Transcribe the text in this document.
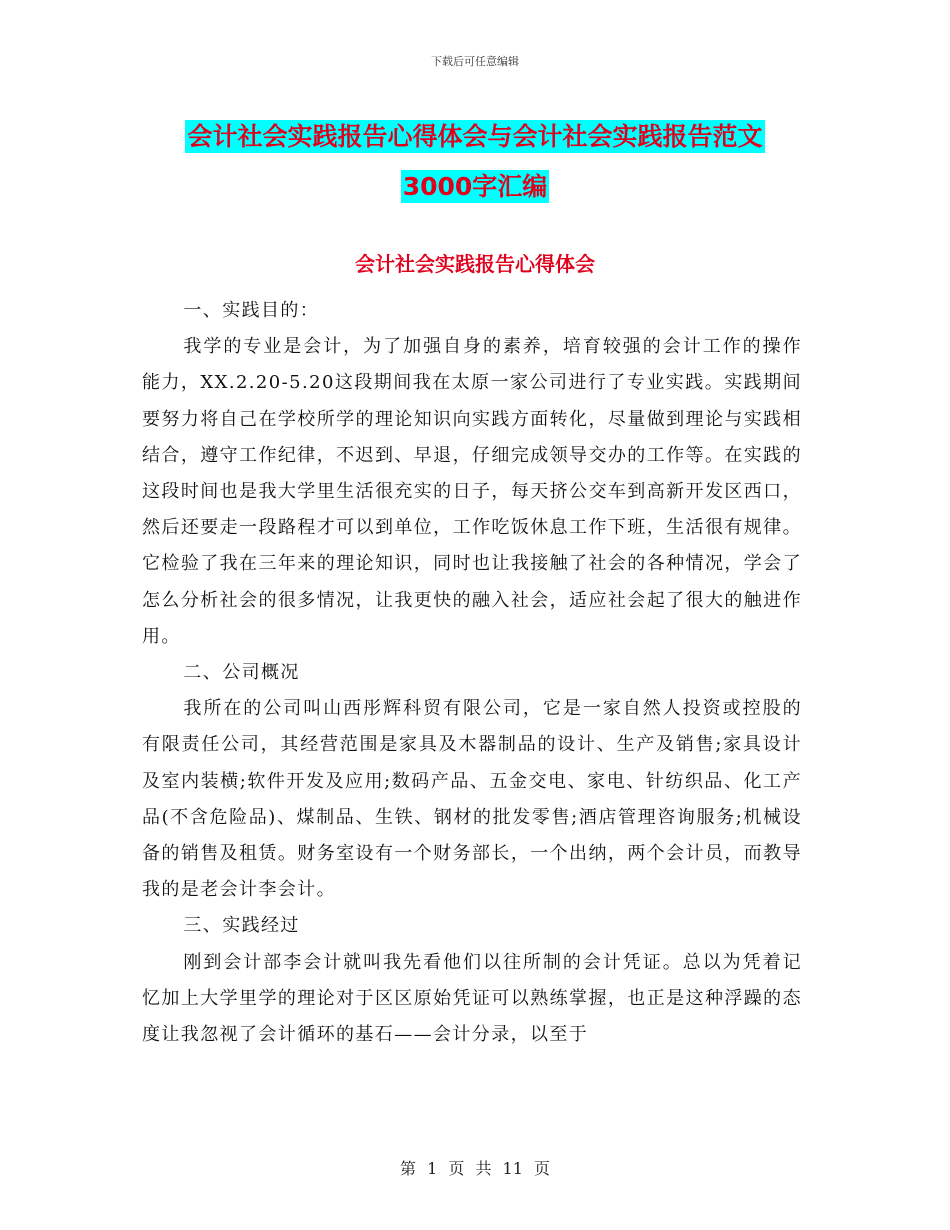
下载后可任意编辑
会计社会实践报告心得体会与会计社会实践报告范文
3000字汇编
会计社会实践报告心得体会

一、实践目的：

我学的专业是会计，为了加强自身的素养，培育较强的会计工作的操作能力，XX.2.20-5.20这段期间我在太原一家公司进行了专业实践。实践期间要努力将自己在学校所学的理论知识向实践方面转化，尽量做到理论与实践相结合，遵守工作纪律，不迟到、早退，仔细完成领导交办的工作等。在实践的这段时间也是我大学里生活很充实的日子，每天挤公交车到高新开发区西口，然后还要走一段路程才可以到单位，工作吃饭休息工作下班，生活很有规律。它检验了我在三年来的理论知识，同时也让我接触了社会的各种情况，学会了怎么分析社会的很多情况，让我更快的融入社会，适应社会起了很大的触进作用。

二、公司概况

我所在的公司叫山西彤辉科贸有限公司，它是一家自然人投资或控股的有限责任公司，其经营范围是家具及木器制品的设计、生产及销售;家具设计及室内装横;软件开发及应用;数码产品、五金交电、家电、针纺织品、化工产品(不含危险品)、煤制品、生铁、钢材的批发零售;酒店管理咨询服务;机械设备的销售及租赁。财务室设有一个财务部长，一个出纳，两个会计员，而教导我的是老会计李会计。

三、实践经过

刚到会计部李会计就叫我先看他们以往所制的会计凭证。总以为凭着记忆加上大学里学的理论对于区区原始凭证可以熟练掌握，也正是这种浮躁的态度让我忽视了会计循环的基石——会计分录，以至于

第 1 页 共 11 页
